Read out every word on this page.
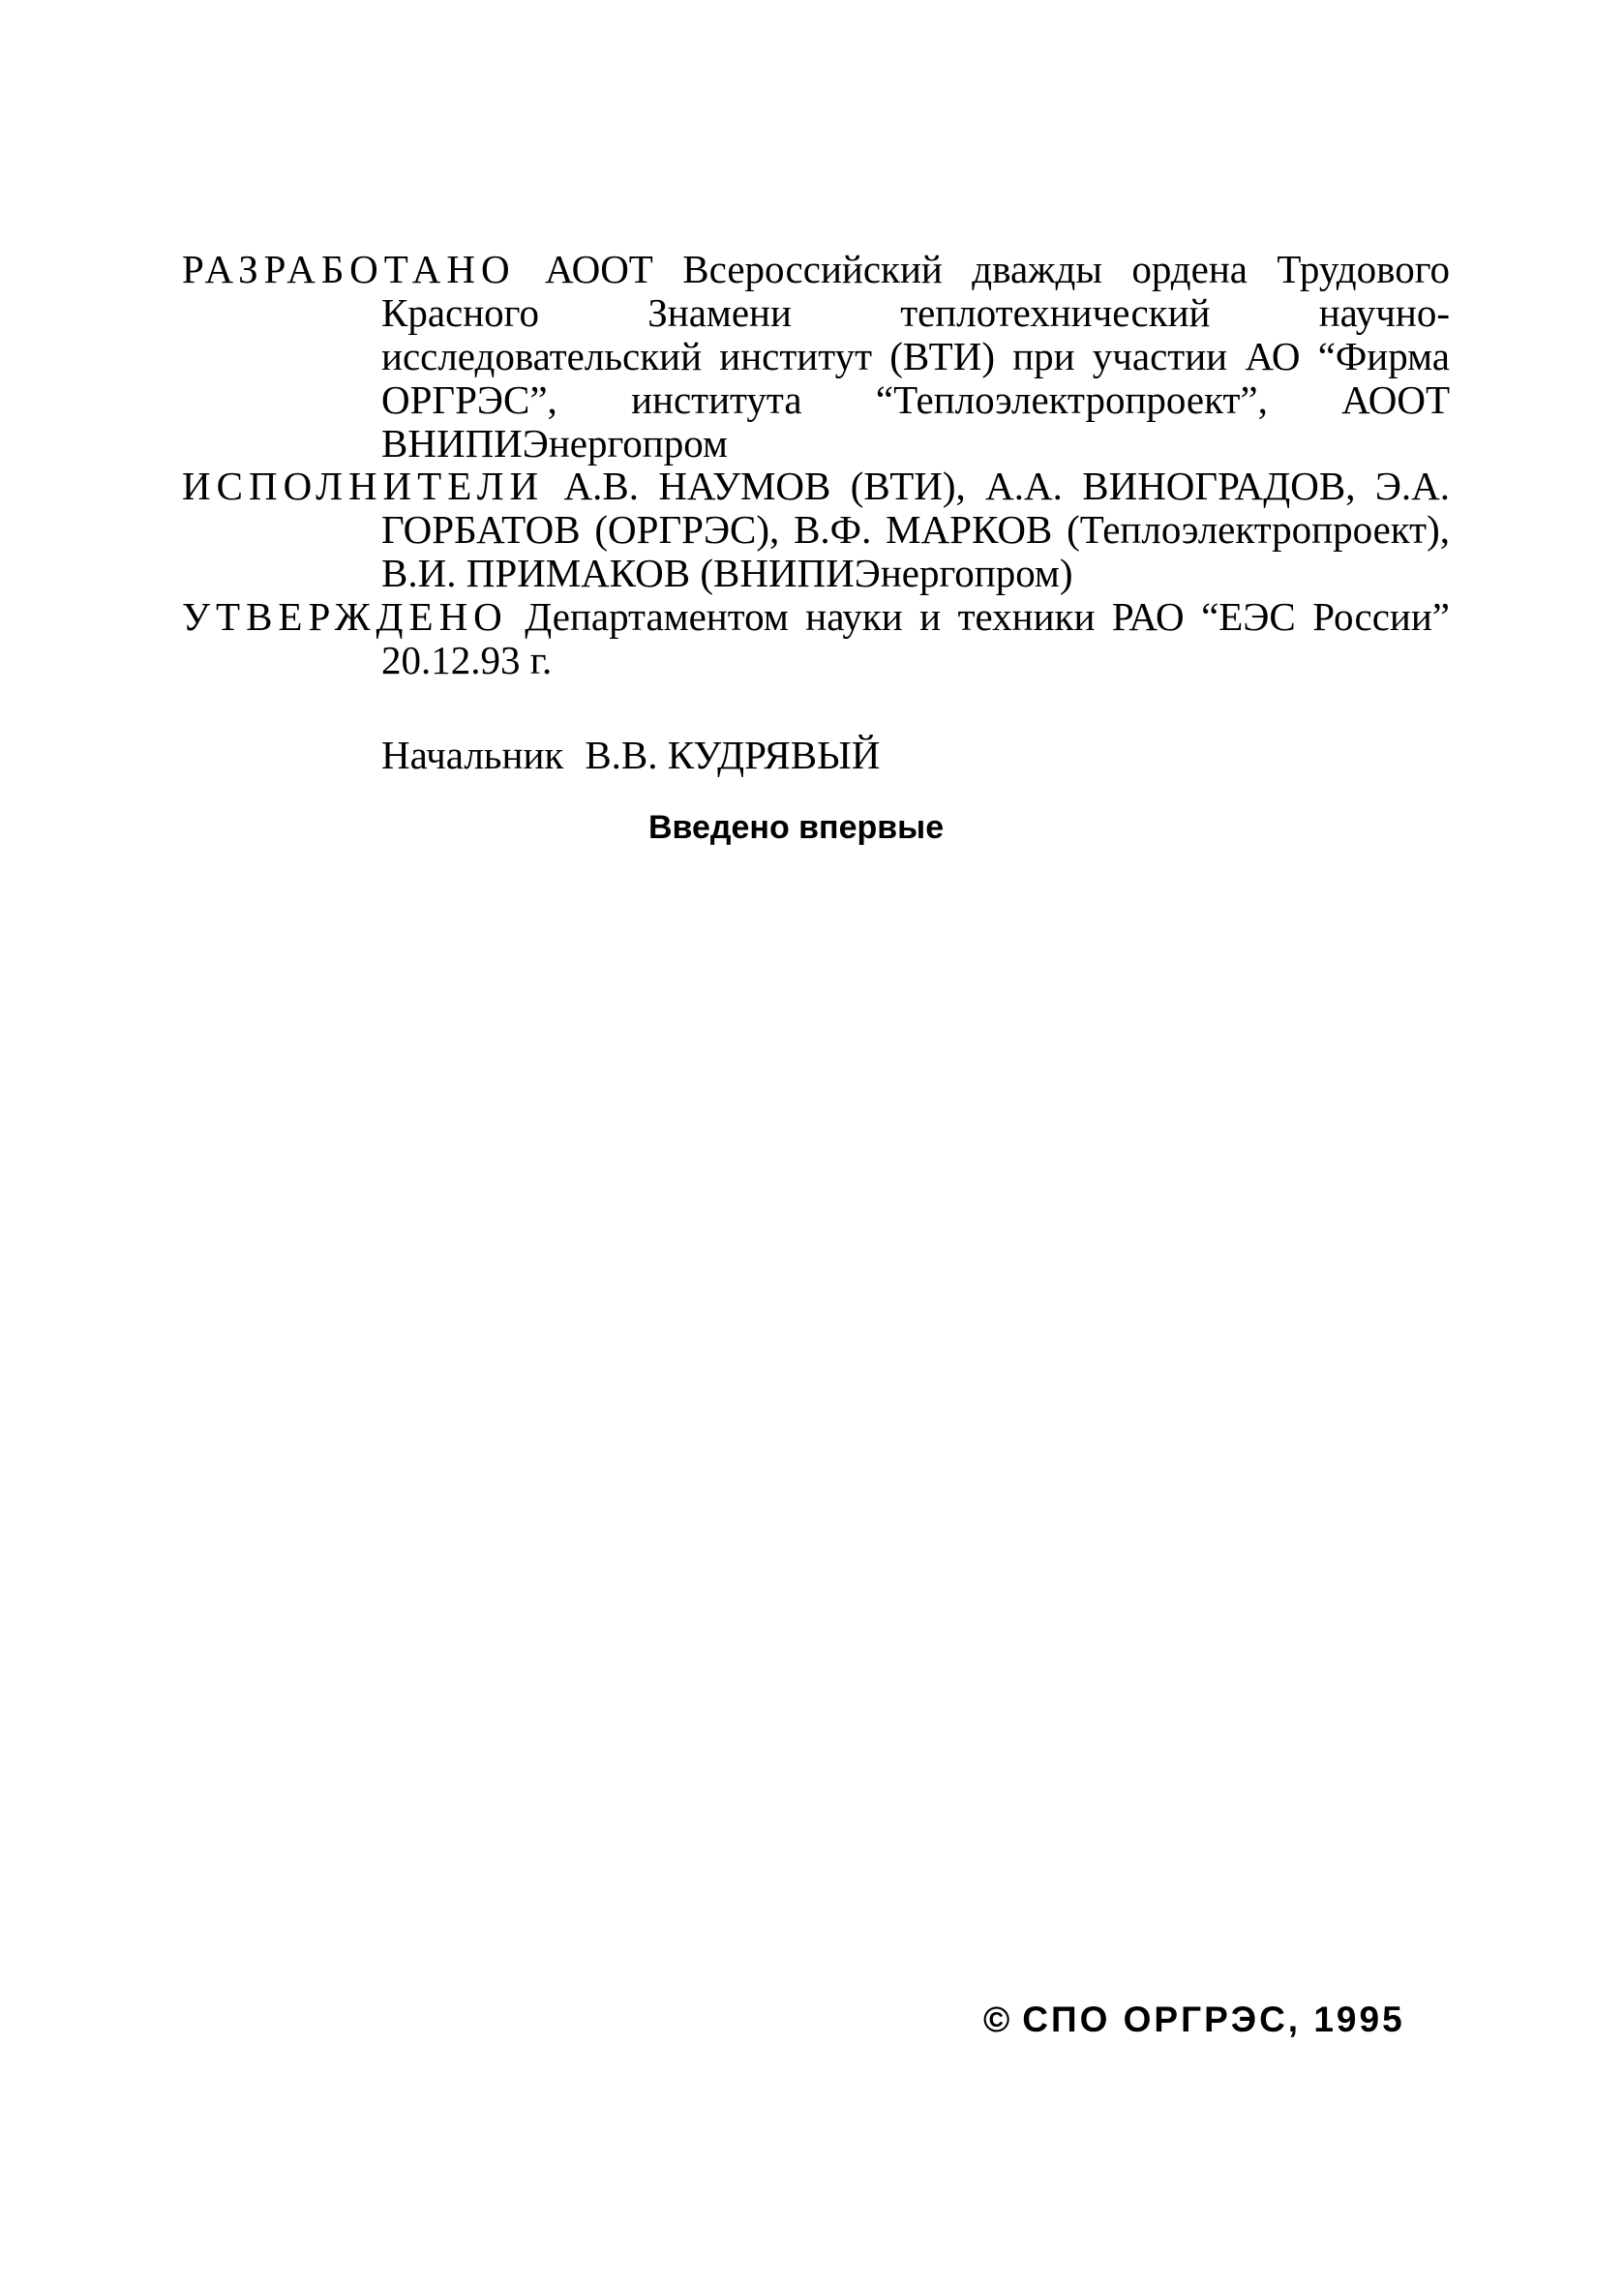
РАЗРАБОТАНО АООТ Всероссийский дважды ордена Трудового Красного Знамени теплотехнический научно-исследовательский институт (ВТИ) при участии АО “Фирма ОРГРЭС”, института “Теплоэлектропроект”, АООТ ВНИПИЭнергопром

ИСПОЛНИТЕЛИ А.В. НАУМОВ (ВТИ), А.А. ВИНОГРАДОВ, Э.А. ГОРБАТОВ (ОРГРЭС), В.Ф. МАРКОВ (Теплоэлектропроект), В.И. ПРИМАКОВ (ВНИПИЭнергопром)

УТВЕРЖДЕНО Департаментом науки и техники РАО “ЕЭС России” 20.12.93 г.

Начальник В.В. КУДРЯВЫЙ
Введено впервые
© СПО ОРГРЭС, 1995
